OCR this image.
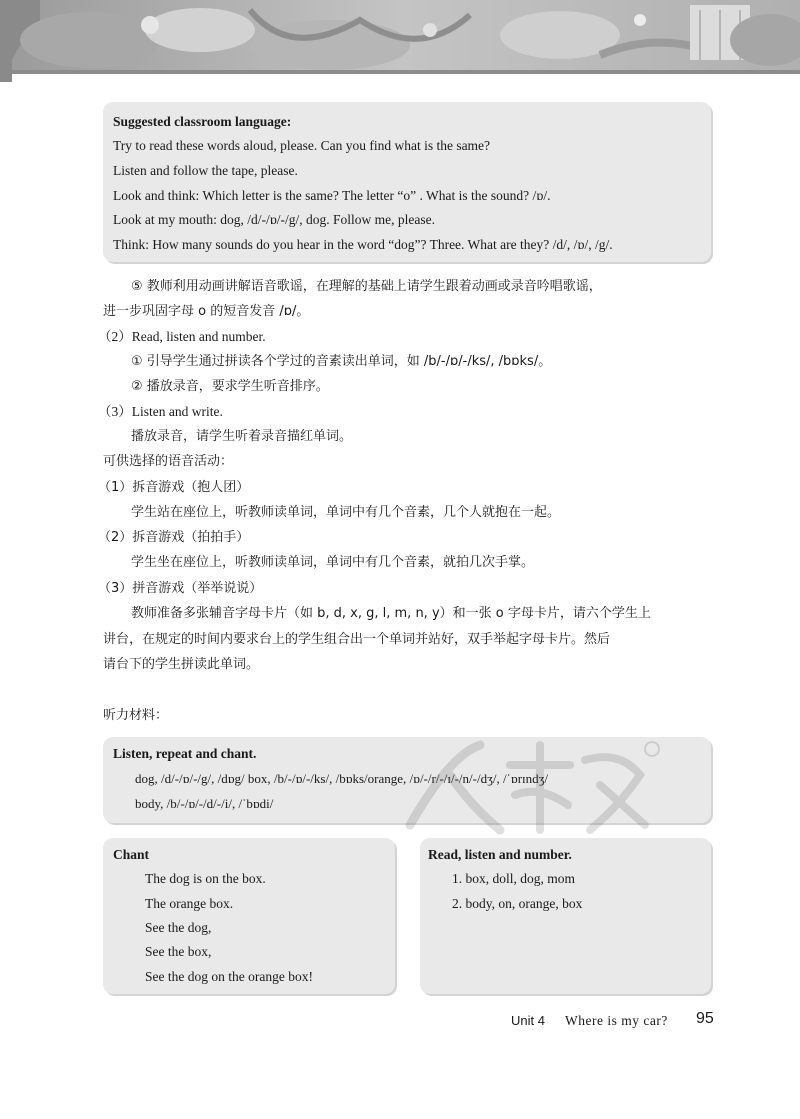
Suggested classroom language:
Try to read these words aloud, please. Can you find what is the same?
Listen and follow the tape, please.
Look and think: Which letter is the same? The letter “o” . What is the sound? /ɒ/.
Look at my mouth: dog, /d/-/ɒ/-/g/, dog. Follow me, please.
Think: How many sounds do you hear in the word “dog”? Three. What are they? /d/, /ɒ/, /g/.
⑤ 教师利用动画讲解语音歌谣，在理解的基础上请学生跟着动画或录音吟唱歌谣，
进一步巩固字母 o 的短音发音 /ɒ/。
（2）Read, listen and number.
① 引导学生通过拼读各个学过的音素读出单词，如 /b/-/ɒ/-/ks/, /bɒks/。
② 播放录音，要求学生听音排序。
（3）Listen and write.
播放录音，请学生听着录音描红单词。
可供选择的语音活动：
（1）拆音游戏（抱人团）
学生站在座位上，听教师读单词，单词中有几个音素，几个人就抱在一起。
（2）拆音游戏（拍拍手）
学生坐在座位上，听教师读单词，单词中有几个音素，就拍几次手掌。
（3）拼音游戏（举举说说）
教师准备多张辅音字母卡片（如 b, d, x, g, l, m, n, y）和一张 o 字母卡片，请六个学生上
讲台，在规定的时间内要求台上的学生组合出一个单词并站好，双手举起字母卡片。然后
请台下的学生拼读此单词。
听力材料：
Listen, repeat and chant.
dog, /d/-/ɒ/-/g/, /dɒg/ box, /b/-/ɒ/-/ks/, /bɒks/orange, /ɒ/-/r/-/ɪ/-/n/-/dʒ/, /ˈɒrɪndʒ/
body, /b/-/ɒ/-/d/-/i/, /ˈbɒdi/
Chant
The dog is on the box.
The orange box.
See the dog,
See the box,
See the dog on the orange box!
Read, listen and number.
1. box, doll, dog, mom
2. body, on, orange, box
Unit 4 Where is my car? 95
